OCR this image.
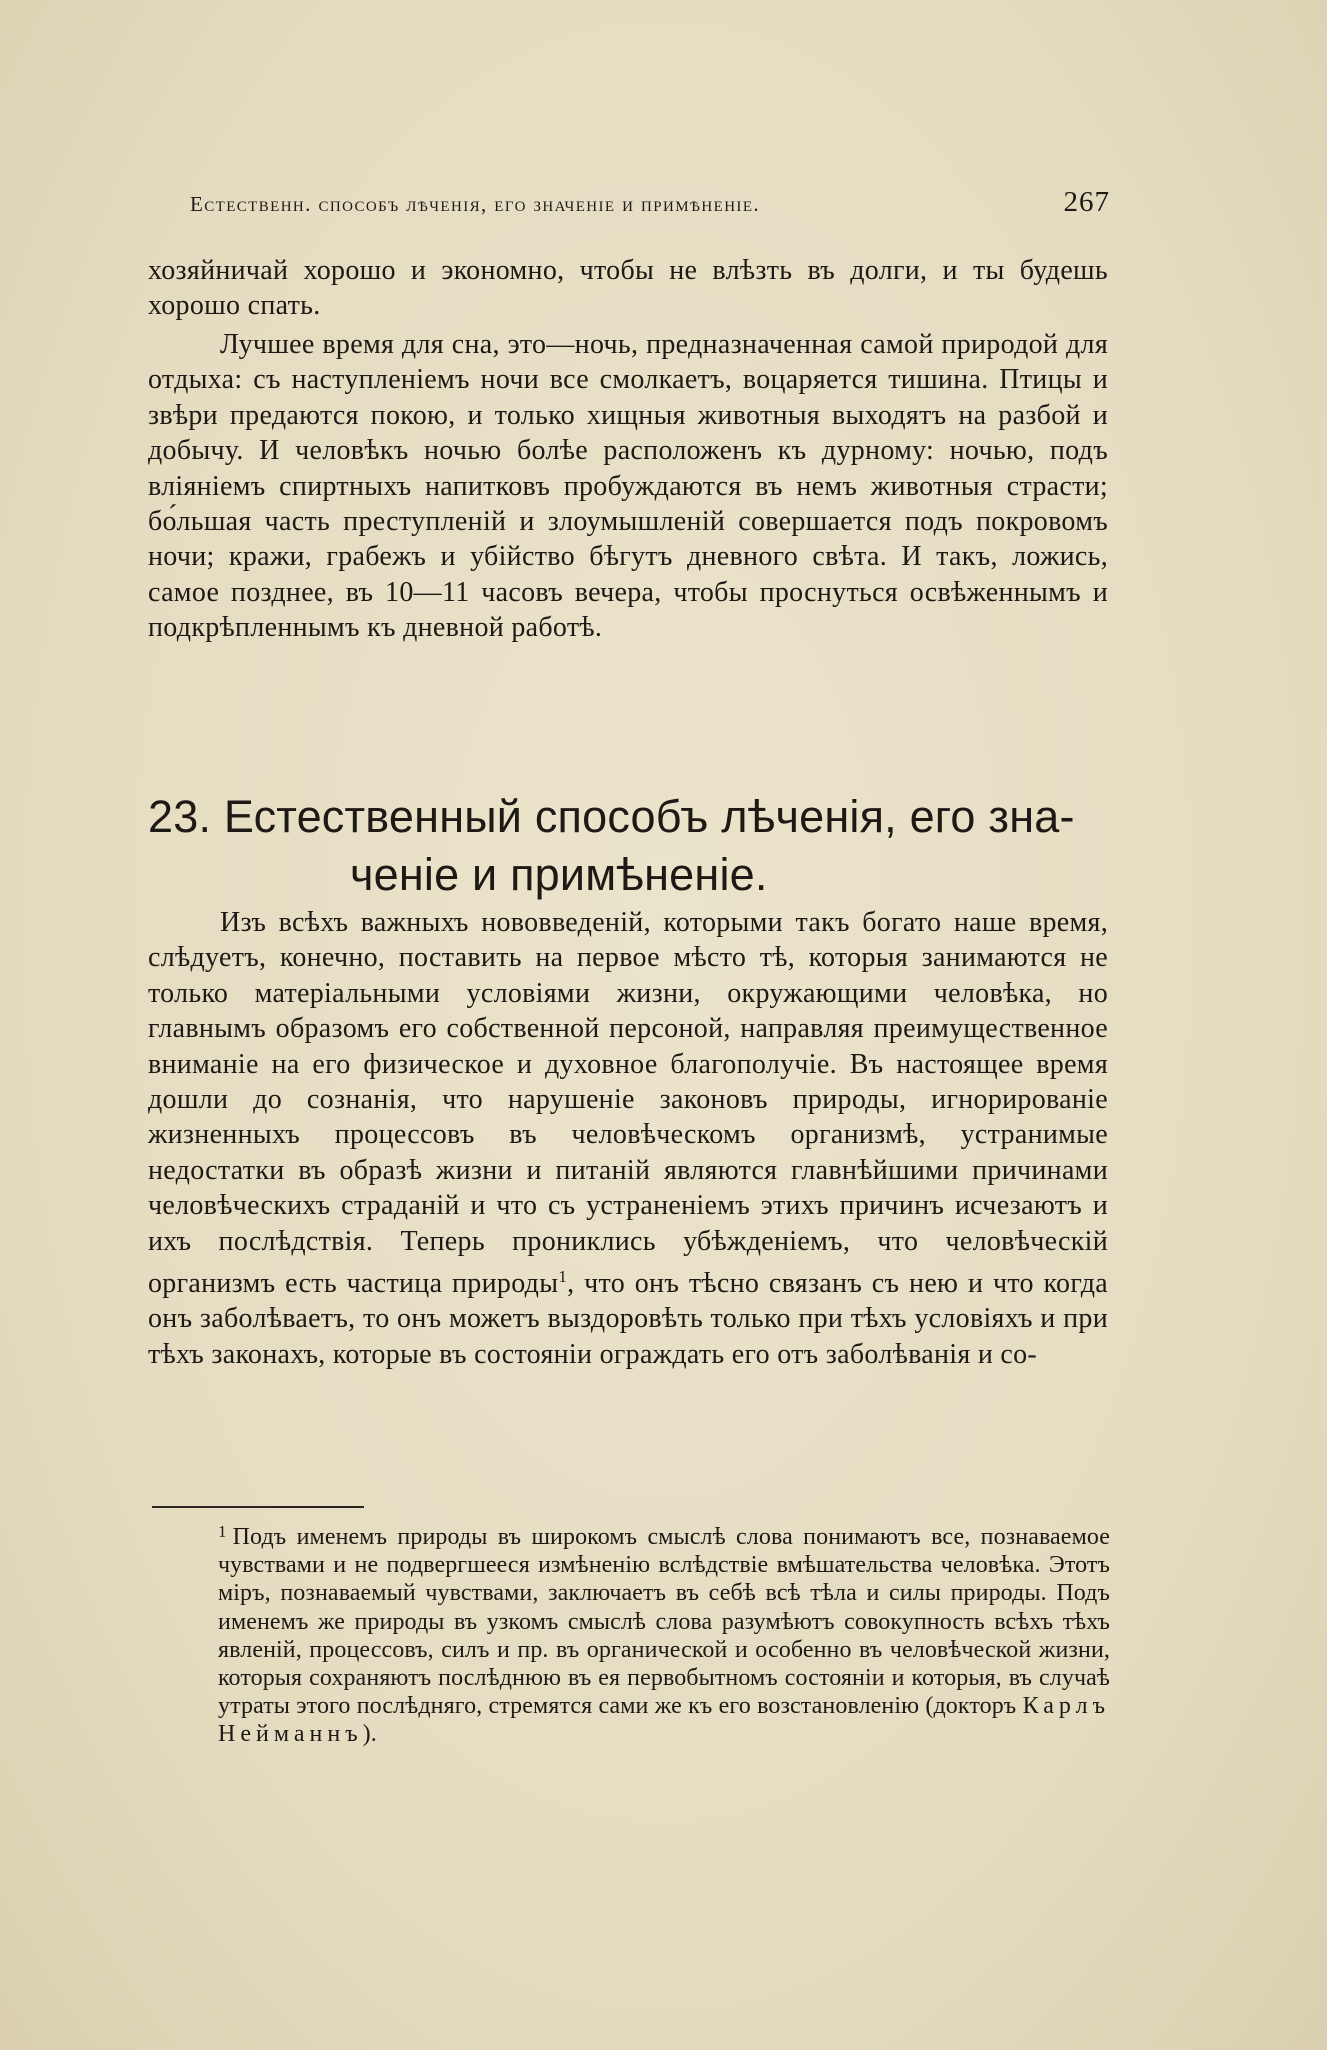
Естественн. способъ лѣченія, его значеніе и примѣненіе.	267

хозяйничай хорошо и экономно, чтобы не влѣзть въ долги, и ты будешь хорошо спать.

Лучшее время для сна, это—ночь, предназначенная самой природой для отдыха: съ наступленіемъ ночи все смолкаетъ, воцаряется тишина. Птицы и звѣри предаются покою, и только хищныя животныя выходятъ на разбой и добычу. И человѣкъ ночью болѣе расположенъ къ дурному: ночью, подъ вліяніемъ спиртныхъ напитковъ пробуждаются въ немъ животныя страсти; бо́льшая часть преступленій и злоумышленій совершается подъ покровомъ ночи; кражи, грабежъ и убійство бѣгутъ дневного свѣта. И такъ, ложись, самое позднее, въ 10—11 часовъ вечера, чтобы проснуться освѣженнымъ и подкрѣпленнымъ къ дневной работѣ.

23. Естественный способъ лѣченія, его зна-
ченіе и примѣненіе.

Изъ всѣхъ важныхъ нововведеній, которыми такъ богато наше время, слѣдуетъ, конечно, поставить на первое мѣсто тѣ, которыя занимаются не только матеріальными условіями жизни, окружающими человѣка, но главнымъ образомъ его собственной персоной, направляя преимущественное вниманіе на его физическое и духовное благополучіе. Въ настоящее время дошли до сознанія, что нарушеніе законовъ природы, игнорированіе жизненныхъ процессовъ въ человѣческомъ организмѣ, устранимые недостатки въ образѣ жизни и питаній являются главнѣйшими причинами человѣческихъ страданій и что съ устраненіемъ этихъ причинъ исчезаютъ и ихъ послѣдствія. Теперь прониклись убѣжденіемъ, что человѣческій организмъ есть частица природы$^1$, что онъ тѣсно связанъ съ нею и что когда онъ заболѣваетъ, то онъ можетъ выздоровѣть только при тѣхъ условіяхъ и при тѣхъ законахъ, которые въ состояніи ограждать его отъ заболѣванія и со-

$^1$ Подъ именемъ природы въ широкомъ смыслѣ слова понимаютъ все, познаваемое чувствами и не подвергшееся измѣненію вслѣдствіе вмѣшательства человѣка. Этотъ міръ, познаваемый чувствами, заключаетъ въ себѣ всѣ тѣла и силы природы. Подъ именемъ же природы въ узкомъ смыслѣ слова разумѣютъ совокупность всѣхъ тѣхъ явленій, процессовъ, силъ и пр. въ органической и особенно въ человѣческой жизни, которыя сохраняютъ послѣднюю въ ея первобытномъ состояніи и которыя, въ случаѣ утраты этого послѣдняго, стремятся сами же къ его возстановленію (докторъ Карлъ Нейманнъ).
